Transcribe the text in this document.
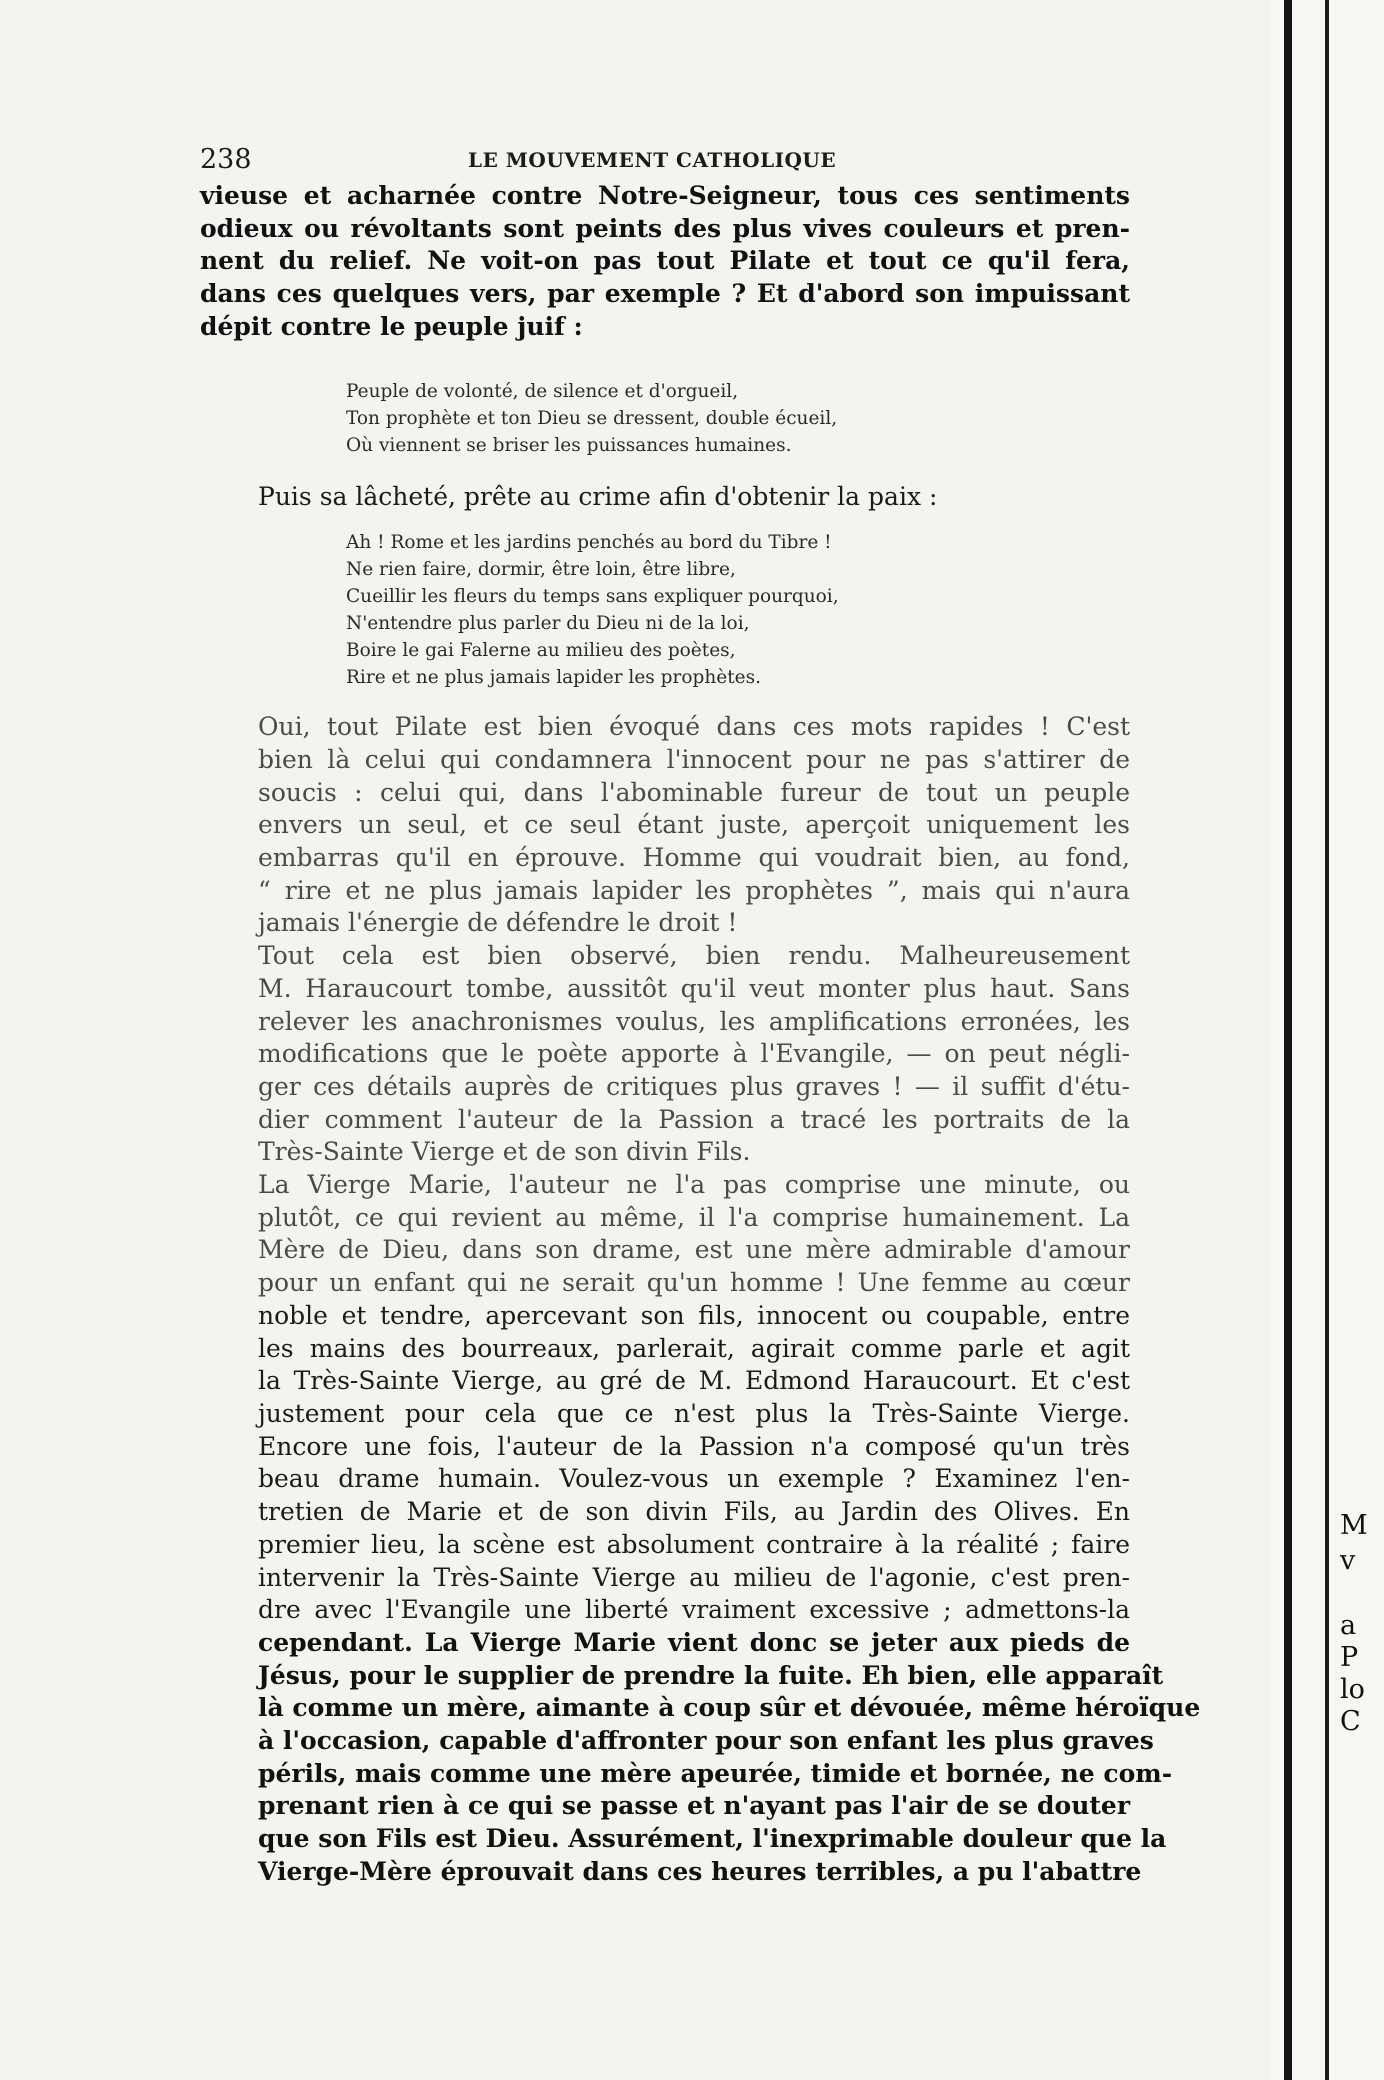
238	LE MOUVEMENT CATHOLIQUE

vieuse et acharnée contre Notre-Seigneur, tous ces sentiments
odieux ou révoltants sont peints des plus vives couleurs et pren-
nent du relief. Ne voit-on pas tout Pilate et tout ce qu'il fera,
dans ces quelques vers, par exemple ? Et d'abord son impuissant
dépit contre le peuple juif :

Peuple de volonté, de silence et d'orgueil,
Ton prophète et ton Dieu se dressent, double écueil,
Où viennent se briser les puissances humaines.

Puis sa lâcheté, prête au crime afin d'obtenir la paix :

Ah ! Rome et les jardins penchés au bord du Tibre !
Ne rien faire, dormir, être loin, être libre,
Cueillir les fleurs du temps sans expliquer pourquoi,
N'entendre plus parler du Dieu ni de la loi,
Boire le gai Falerne au milieu des poètes,
Rire et ne plus jamais lapider les prophètes.

Oui, tout Pilate est bien évoqué dans ces mots rapides ! C'est
bien là celui qui condamnera l'innocent pour ne pas s'attirer de
soucis : celui qui, dans l'abominable fureur de tout un peuple
envers un seul, et ce seul étant juste, aperçoit uniquement les
embarras qu'il en éprouve. Homme qui voudrait bien, au fond,
“ rire et ne plus jamais lapider les prophètes ”, mais qui n'aura
jamais l'énergie de défendre le droit !

Tout cela est bien observé, bien rendu. Malheureusement
M. Haraucourt tombe, aussitôt qu'il veut monter plus haut. Sans
relever les anachronismes voulus, les amplifications erronées, les
modifications que le poète apporte à l'Evangile, — on peut négli-
ger ces détails auprès de critiques plus graves ! — il suffit d'étu-
dier comment l'auteur de la Passion a tracé les portraits de la
Très-Sainte Vierge et de son divin Fils.

La Vierge Marie, l'auteur ne l'a pas comprise une minute, ou
plutôt, ce qui revient au même, il l'a comprise humainement. La
Mère de Dieu, dans son drame, est une mère admirable d'amour
pour un enfant qui ne serait qu'un homme ! Une femme au cœur
noble et tendre, apercevant son fils, innocent ou coupable, entre
les mains des bourreaux, parlerait, agirait comme parle et agit
la Très-Sainte Vierge, au gré de M. Edmond Haraucourt. Et c'est
justement pour cela que ce n'est plus la Très-Sainte Vierge.
Encore une fois, l'auteur de la Passion n'a composé qu'un très
beau drame humain. Voulez-vous un exemple ? Examinez l'en-
tretien de Marie et de son divin Fils, au Jardin des Olives. En
premier lieu, la scène est absolument contraire à la réalité ; faire
intervenir la Très-Sainte Vierge au milieu de l'agonie, c'est pren-
dre avec l'Evangile une liberté vraiment excessive ; admettons-la
cependant. La Vierge Marie vient donc se jeter aux pieds de
Jésus, pour le supplier de prendre la fuite. Eh bien, elle apparaît
là comme un mère, aimante à coup sûr et dévouée, même héroïque
à l'occasion, capable d'affronter pour son enfant les plus graves
périls, mais comme une mère apeurée, timide et bornée, ne com-
prenant rien à ce qui se passe et n'ayant pas l'air de se douter
que son Fils est Dieu. Assurément, l'inexprimable douleur que la
Vierge-Mère éprouvait dans ces heures terribles, a pu l'abattre

M
v
a
P
lo
C
